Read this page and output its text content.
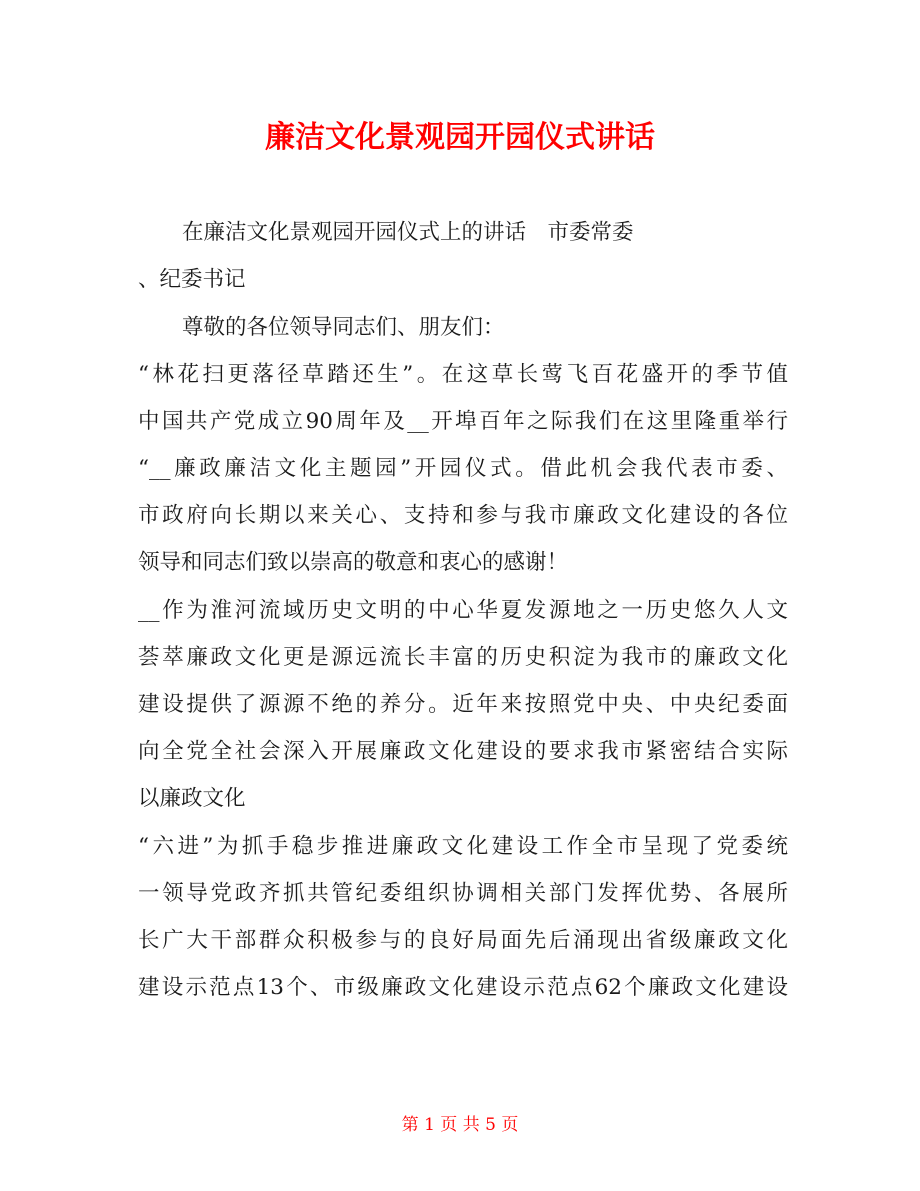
廉洁文化景观园开园仪式讲话
在廉洁文化景观园开园仪式上的讲话　市委常委
、纪委书记
尊敬的各位领导同志们、朋友们：
“林花扫更落径草踏还生”。在这草长莺飞百花盛开的季节值
中国共产党成立90周年及__开埠百年之际我们在这里隆重举行
“__廉政廉洁文化主题园”开园仪式。借此机会我代表市委、
市政府向长期以来关心、支持和参与我市廉政文化建设的各位
领导和同志们致以崇高的敬意和衷心的感谢！
__作为淮河流域历史文明的中心华夏发源地之一历史悠久人文
荟萃廉政文化更是源远流长丰富的历史积淀为我市的廉政文化
建设提供了源源不绝的养分。近年来按照党中央、中央纪委面
向全党全社会深入开展廉政文化建设的要求我市紧密结合实际
以廉政文化
“六进”为抓手稳步推进廉政文化建设工作全市呈现了党委统
一领导党政齐抓共管纪委组织协调相关部门发挥优势、各展所
长广大干部群众积极参与的良好局面先后涌现出省级廉政文化
建设示范点13个、市级廉政文化建设示范点62个廉政文化建设
第 1 页 共 5 页
